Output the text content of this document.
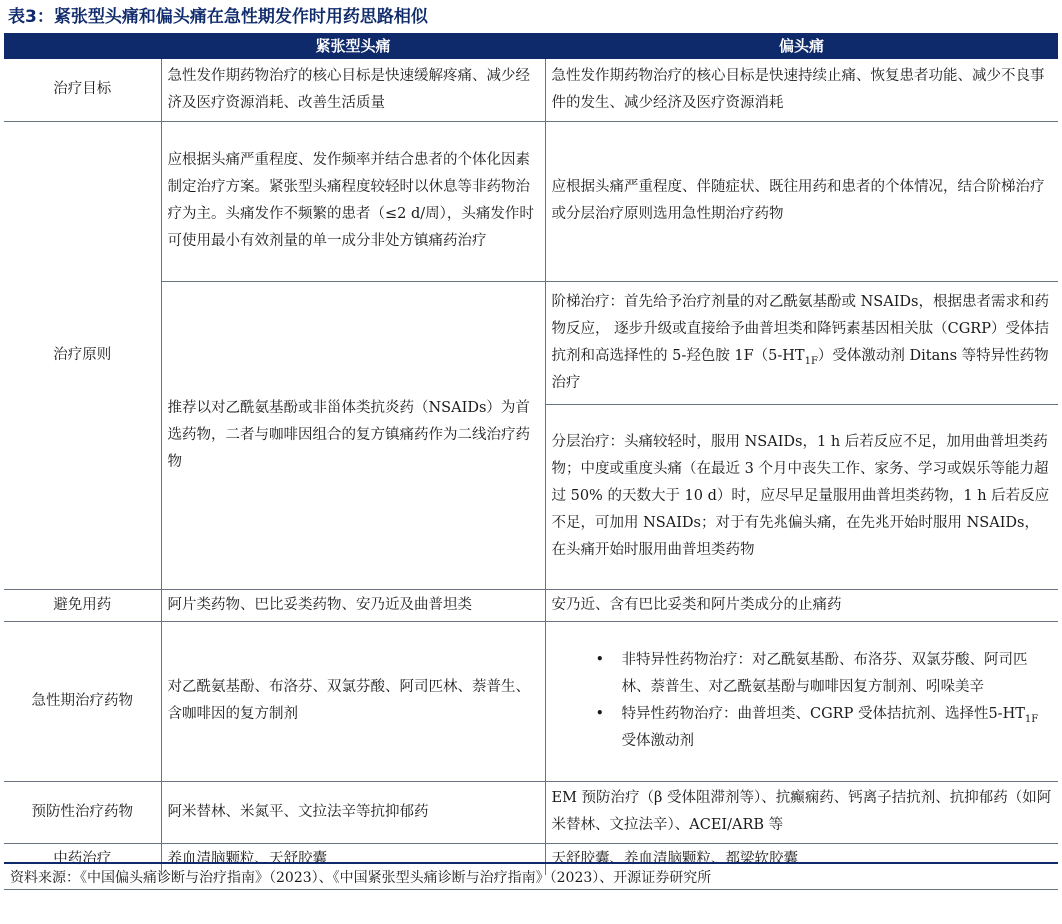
表3：紧张型头痛和偏头痛在急性期发作时用药思路相似
	紧张型头痛	偏头痛
治疗目标	急性发作期药物治疗的核心目标是快速缓解疼痛、减少经济及医疗资源消耗、改善生活质量	急性发作期药物治疗的核心目标是快速持续止痛、恢复患者功能、减少不良事件的发生、减少经济及医疗资源消耗
治疗原则	应根据头痛严重程度、发作频率并结合患者的个体化因素制定治疗方案。紧张型头痛程度较轻时以休息等非药物治疗为主。头痛发作不频繁的患者（≤2 d/周），头痛发作时可使用最小有效剂量的单一成分非处方镇痛药治疗	应根据头痛严重程度、伴随症状、既往用药和患者的个体情况，结合阶梯治疗或分层治疗原则选用急性期治疗药物
	推荐以对乙酰氨基酚或非甾体类抗炎药（NSAIDs）为首选药物，二者与咖啡因组合的复方镇痛药作为二线治疗药物	阶梯治疗：首先给予治疗剂量的对乙酰氨基酚或 NSAIDs，根据患者需求和药物反应， 逐步升级或直接给予曲普坦类和降钙素基因相关肽（CGRP）受体拮抗剂和高选择性的 5-羟色胺 $1F(5-HT_{1F})$受体激动剂 Ditans 等特异性药物治疗
		分层治疗：头痛较轻时，服用 NSAIDs，1 h 后若反应不足，加用曲普坦类药物；中度或重度头痛（在最近 3 个月中丧失工作、家务、学习或娱乐等能力超过 50% 的天数大于 10 d）时，应尽早足量服用曲普坦类药物，1 h 后若反应不足，可加用 NSAIDs；对于有先兆偏头痛，在先兆开始时服用 NSAIDs，在头痛开始时服用曲普坦类药物
避免用药	阿片类药物、巴比妥类药物、安乃近及曲普坦类	安乃近、含有巴比妥类和阿片类成分的止痛药
急性期治疗药物	对乙酰氨基酚、布洛芬、双氯芬酸、阿司匹林、萘普生、含咖啡因的复方制剂	• 非特异性药物治疗：对乙酰氨基酚、布洛芬、双氯芬酸、阿司匹林、萘普生、对乙酰氨基酚与咖啡因复方制剂、吲哚美辛
• 特异性药物治疗：曲普坦类、CGRP 受体拮抗剂、选择性$5-HT_{1F}$受体激动剂

预防性治疗药物	阿米替林、米氮平、文拉法辛等抗抑郁药	EM 预防治疗（β 受体阻滞剂等）、抗癫痫药、钙离子拮抗剂、抗抑郁药（如阿米替林、文拉法辛）、ACEI/ARB 等
中药治疗	养血清脑颗粒、天舒胶囊	天舒胶囊、养血清脑颗粒、都梁软胶囊
资料来源：《中国偏头痛诊断与治疗指南》（2023）、《中国紧张型头痛诊断与治疗指南》（2023）、开源证券研究所
